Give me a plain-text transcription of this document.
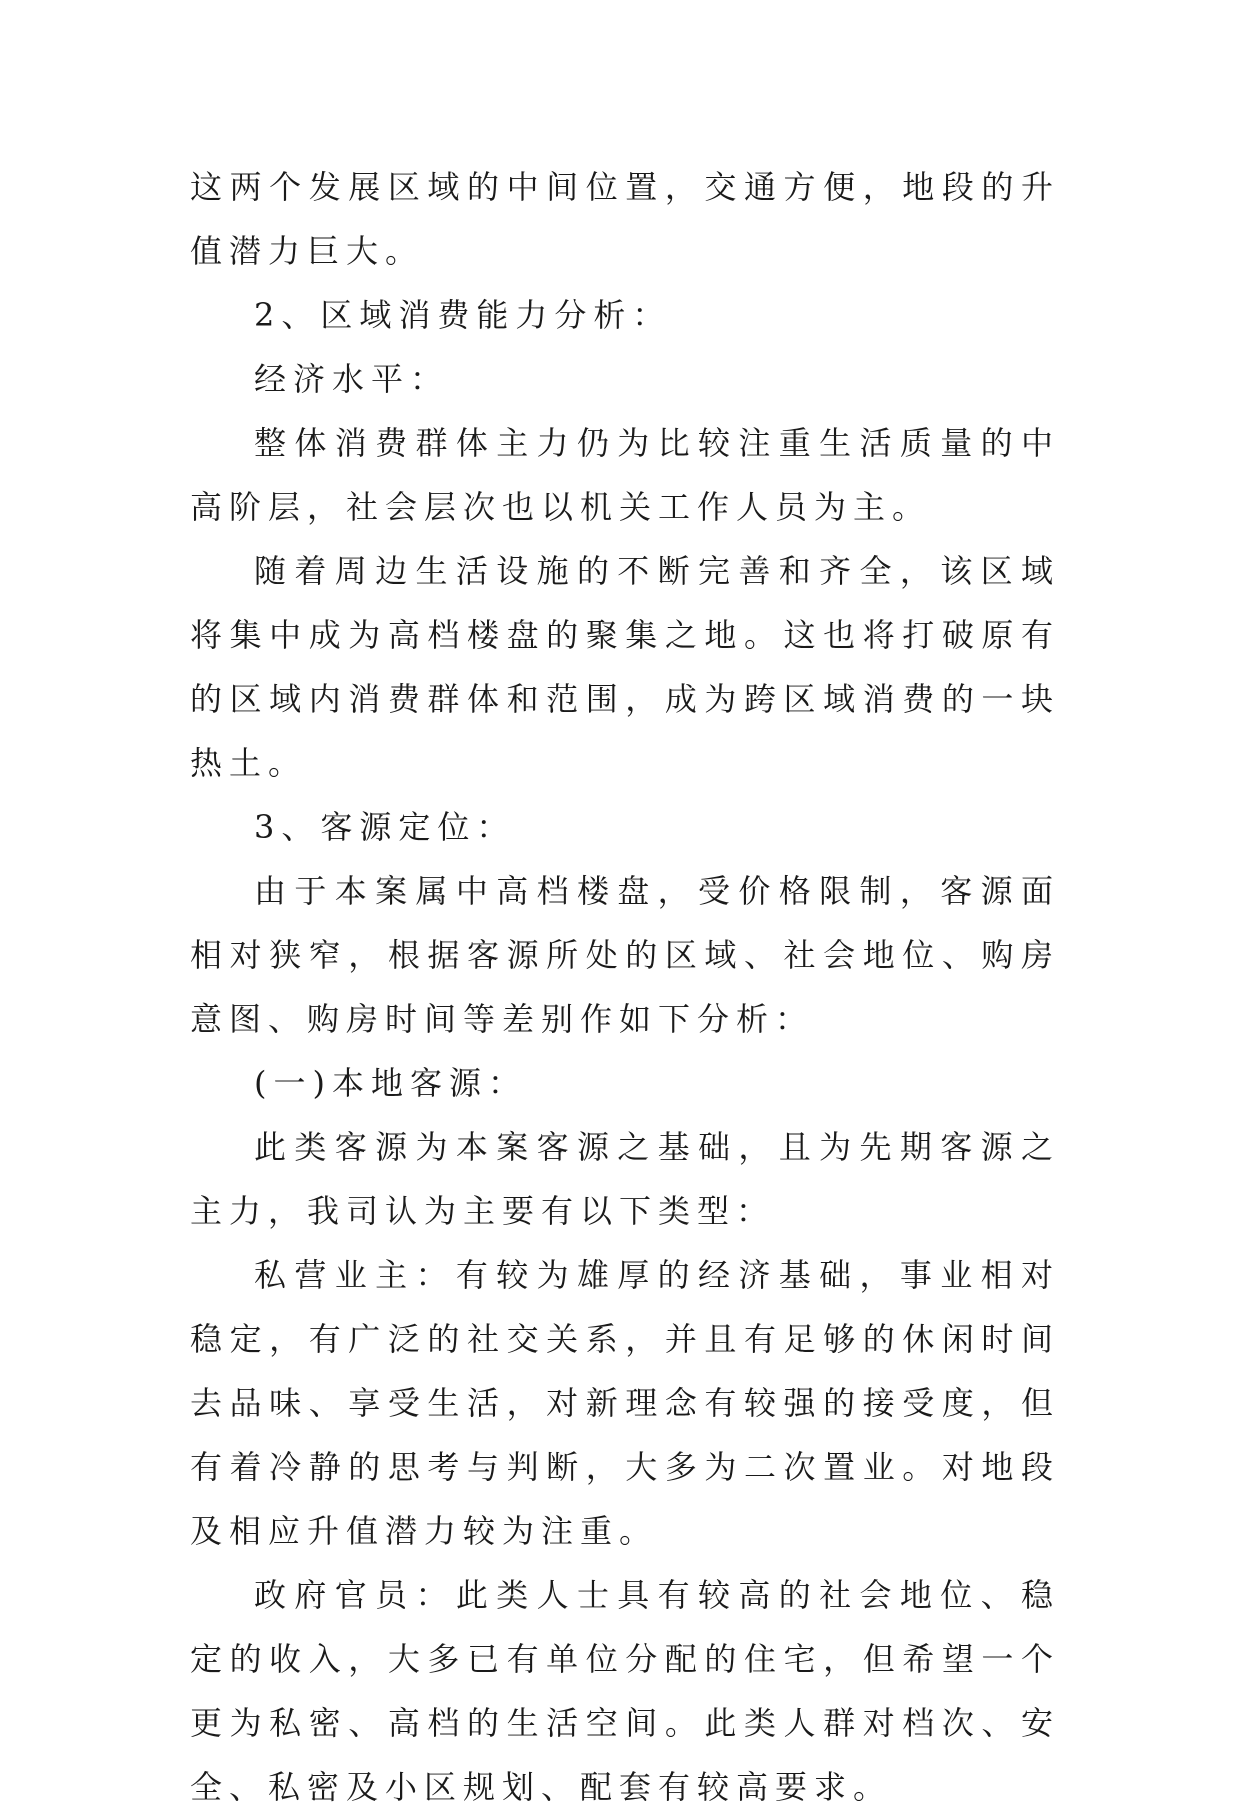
这两个发展区域的中间位置，交通方便，地段的升值潜力巨大。

2、区域消费能力分析：

经济水平：

整体消费群体主力仍为比较注重生活质量的中高阶层，社会层次也以机关工作人员为主。

随着周边生活设施的不断完善和齐全，该区域将集中成为高档楼盘的聚集之地。这也将打破原有的区域内消费群体和范围，成为跨区域消费的一块热土。

3、客源定位：

由于本案属中高档楼盘，受价格限制，客源面相对狭窄，根据客源所处的区域、社会地位、购房意图、购房时间等差别作如下分析：

(一)本地客源：

此类客源为本案客源之基础，且为先期客源之主力，我司认为主要有以下类型：

私营业主：有较为雄厚的经济基础，事业相对稳定，有广泛的社交关系，并且有足够的休闲时间去品味、享受生活，对新理念有较强的接受度，但有着冷静的思考与判断，大多为二次置业。对地段及相应升值潜力较为注重。

政府官员：此类人士具有较高的社会地位、稳定的收入，大多已有单位分配的住宅，但希望一个更为私密、高档的生活空间。此类人群对档次、安全、私密及小区规划、配套有较高要求。
